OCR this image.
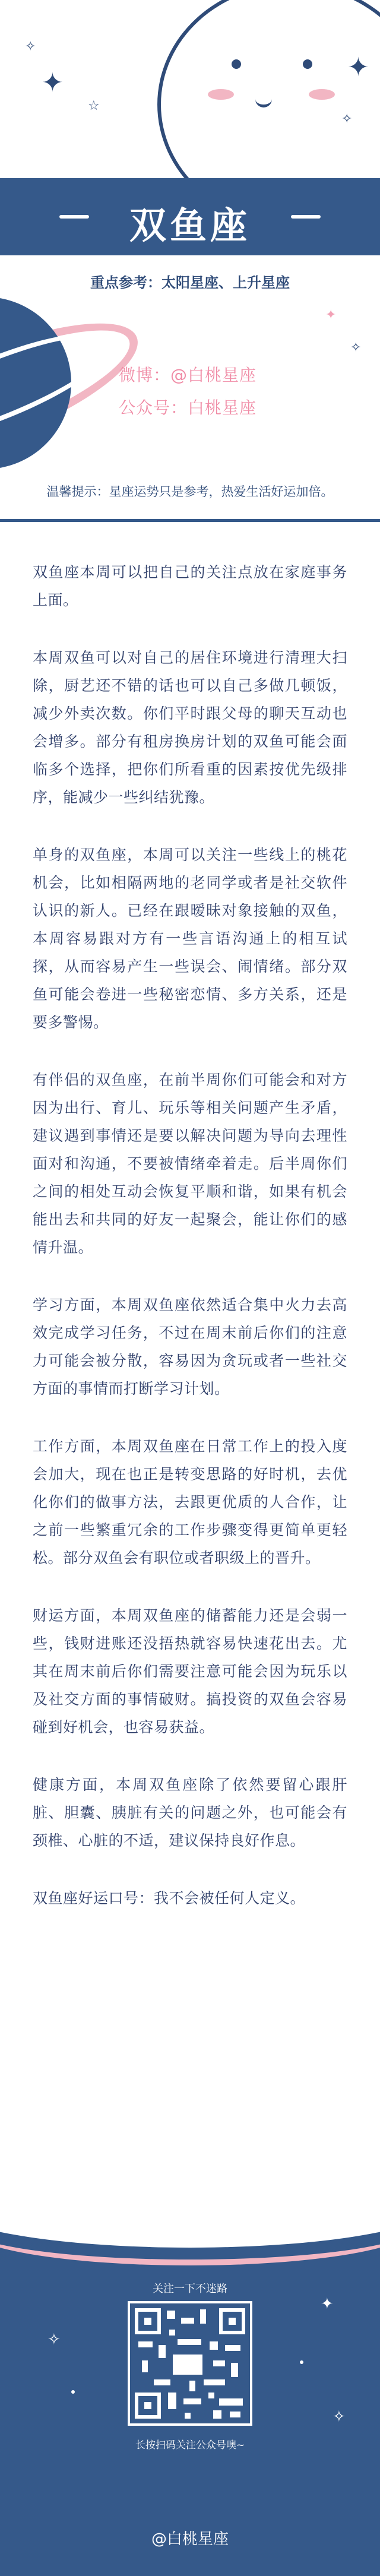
✦
✧
☆
✦
✧
✦
✧
双鱼座
重点参考：太阳星座、上升星座
微博：@白桃星座
公众号：白桃星座
温馨提示：星座运势只是参考，热爱生活好运加倍。

双鱼座本周可以把自己的关注点放在家庭事务上面。

本周双鱼可以对自己的居住环境进行清理大扫除，厨艺还不错的话也可以自己多做几顿饭，减少外卖次数。你们平时跟父母的聊天互动也会增多。部分有租房换房计划的双鱼可能会面临多个选择，把你们所看重的因素按优先级排序，能减少一些纠结犹豫。

单身的双鱼座，本周可以关注一些线上的桃花机会，比如相隔两地的老同学或者是社交软件认识的新人。已经在跟暧昧对象接触的双鱼，本周容易跟对方有一些言语沟通上的相互试探，从而容易产生一些误会、闹情绪。部分双鱼可能会卷进一些秘密恋情、多方关系，还是要多警惕。

有伴侣的双鱼座，在前半周你们可能会和对方因为出行、育儿、玩乐等相关问题产生矛盾，建议遇到事情还是要以解决问题为导向去理性面对和沟通，不要被情绪牵着走。后半周你们之间的相处互动会恢复平顺和谐，如果有机会能出去和共同的好友一起聚会，能让你们的感情升温。

学习方面，本周双鱼座依然适合集中火力去高效完成学习任务，不过在周末前后你们的注意力可能会被分散，容易因为贪玩或者一些社交方面的事情而打断学习计划。

工作方面，本周双鱼座在日常工作上的投入度会加大，现在也正是转变思路的好时机，去优化你们的做事方法，去跟更优质的人合作，让之前一些繁重冗余的工作步骤变得更简单更轻松。部分双鱼会有职位或者职级上的晋升。

财运方面，本周双鱼座的储蓄能力还是会弱一些，钱财进账还没捂热就容易快速花出去。尤其在周末前后你们需要注意可能会因为玩乐以及社交方面的事情破财。搞投资的双鱼会容易碰到好机会，也容易获益。

健康方面，本周双鱼座除了依然要留心跟肝脏、胆囊、胰脏有关的问题之外，也可能会有颈椎、心脏的不适，建议保持良好作息。

双鱼座好运口号：我不会被任何人定义。

✧
✦
✧
关注一下不迷路
长按扫码关注公众号噢~
@白桃星座
